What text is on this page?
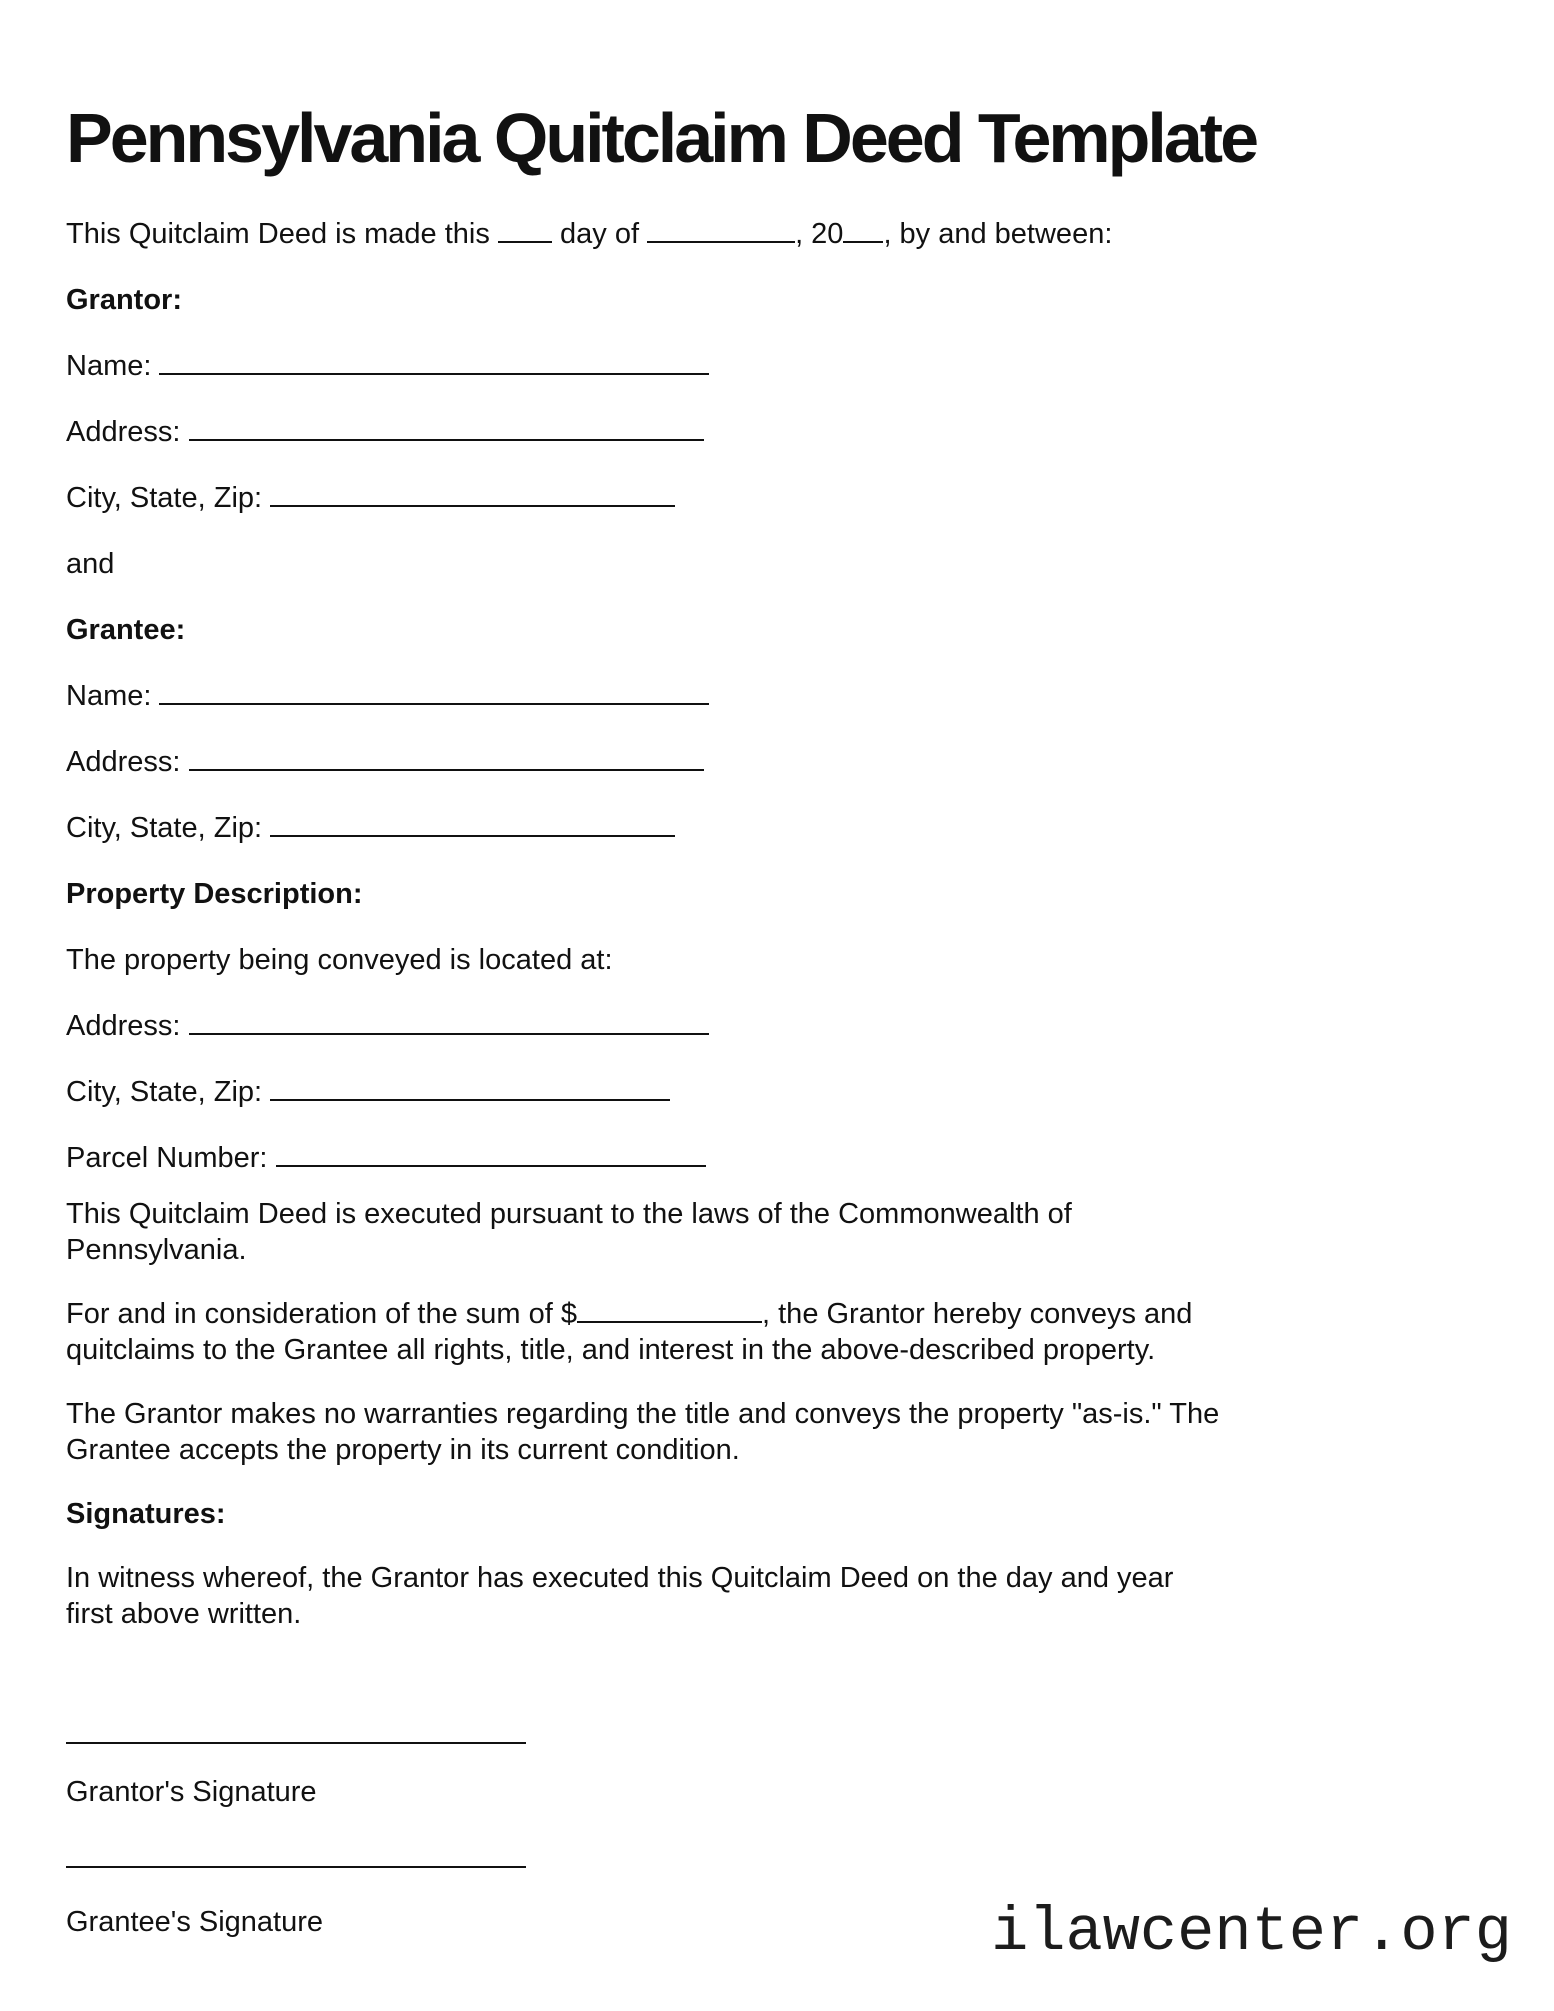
Pennsylvania Quitclaim Deed Template
This Quitclaim Deed is made this day of	, 20 , by and between:
Grantor:
Name:
Address:
City, State, Zip:
and
Grantee:
Name:
Address:
City, State, Zip:
Property Description:
The property being conveyed is located at:
Address:
City, State, Zip:
Parcel Number:
This Quitclaim Deed is executed pursuant to the laws of the Commonwealth of
Pennsylvania.
For and in consideration of the sum of $	, the Grantor hereby conveys and
quitclaims to the Grantee all rights, title, and interest in the above-described property.
The Grantor makes no warranties regarding the title and conveys the property "as-is." The
Grantee accepts the property in its current condition.
Signatures:
In witness whereof, the Grantor has executed this Quitclaim Deed on the day and year
first above written.
Grantor's Signature
Grantee's Signature	ilawcenter.org
